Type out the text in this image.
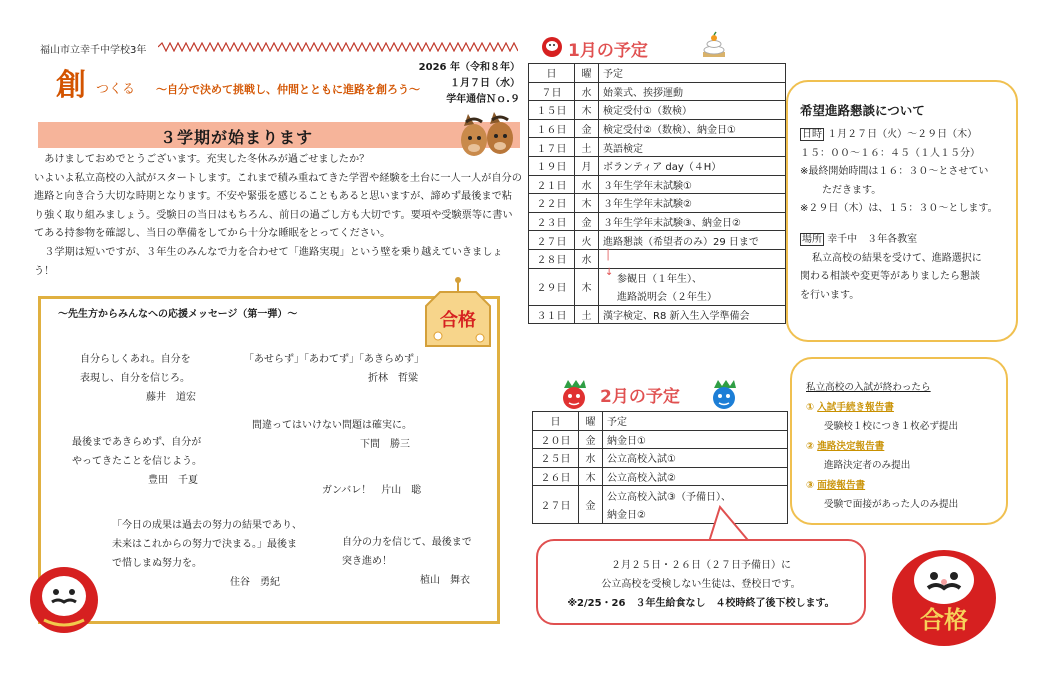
福山市立幸千中学校3年
創 つくる ～自分で決めて挑戦し、仲間とともに進路を創ろう～
2026 年（令和８年）
１月７日（水）
学年通信Ｎｏ.９
３学期が始まります

あけましておめでとうございます。充実した冬休みが過ごせましたか？

いよいよ私立高校の入試がスタートします。これまで積み重ねてきた学習や経験を土台に一人一人が自分の進路と向き合う大切な時期となります。不安や緊張を感じることもあると思いますが、諦めず最後まで粘り強く取り組みましょう。受験日の当日はもちろん、前日の過ごし方も大切です。要項や受験票等に書いてある持参物を確認し、当日の準備をしてから十分な睡眠をとってください。

３学期は短いですが、３年生のみんなで力を合わせて「進路実現」という壁を乗り越えていきましょう！

～先生方からみんなへの応援メッセージ（第一弾）～	合格
自分らしくあれ。自分を
表現し、自分を信じろ。
藤井　道宏
「あせらず」「あわてず」「あきらめず」
折林　哲粱
間違ってはいけない問題は確実に。
下間　勝三
最後まであきらめず、自分が
やってきたことを信じよう。
豊田　千夏
ガンバレ！　片山　聡
「今日の成果は過去の努力の結果であり、
未来はこれからの努力で決まる。」最後ま
で惜しまぬ努力を。
住谷　勇紀
自分の力を信じて、最後まで
突き進め！
植山　舞衣
1月の予定
日	曜	予定
７日	水	始業式、挨拶運動
１５日	木	検定受付①（数検）
１６日	金	検定受付②（数検）、納金日①
１７日	土	英語検定
１９日	月	ボランティア day（４H）
２１日	水	３年生学年末試験①
２２日	木	３年生学年末試験②
２３日	金	３年生学年末試験③、納金日②
２７日	火	進路懇談（希望者のみ）29 日まで
２８日	水	│

２９日	木	↓
参観日（１年生）、
		進路説明会（２年生）
３１日	土	漢字検定、R8 新入生入学準備会
2月の予定
日	曜	予定
２０日	金	納金日①
２５日	水	公立高校入試①
２６日	木	公立高校入試②
２７日	金	公立高校入試③（予備日）、
		納金日②
２月２５日・２６日（２７日予備日）に
公立高校を受検しない生徒は、登校日です。
※2/25・26　３年生給食なし　４校時終了後下校します。
希望進路懇談について
日時 １月２７日（火）～２９日（木）
１５：００～１６：４５（１人１５分）
※最終開始時間は１６：３０～とさせてい
ただきます。
※２９日（木）は、１５：３０～とします。
場所 幸千中　３年各教室
私立高校の結果を受けて、進路選択に
関わる相談や変更等がありましたら懇談
を行います。
私立高校の入試が終わったら
① 入試手続き報告書
受験校１校につき１枚必ず提出
② 進路決定報告書
進路決定者のみ提出
③ 面接報告書
受験で面接があった人のみ提出
合格
